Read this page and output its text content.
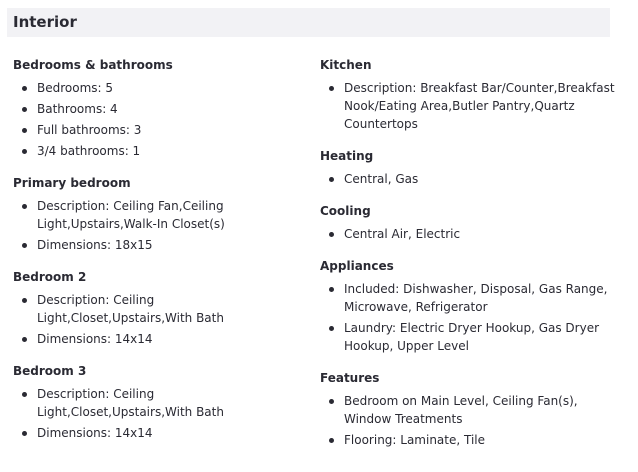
Interior
Bedrooms & bathrooms
Bedrooms: 5
Bathrooms: 4
Full bathrooms: 3
3/4 bathrooms: 1
Primary bedroom
Description: Ceiling Fan,Ceiling Light,Upstairs,Walk-In Closet(s)
Dimensions: 18x15
Bedroom 2
Description: Ceiling Light,Closet,Upstairs,With Bath
Dimensions: 14x14
Bedroom 3
Description: Ceiling Light,Closet,Upstairs,With Bath
Dimensions: 14x14
Kitchen
Description: Breakfast Bar/Counter,Breakfast Nook/Eating Area,Butler Pantry,Quartz Countertops
Heating
Central, Gas
Cooling
Central Air, Electric
Appliances
Included: Dishwasher, Disposal, Gas Range, Microwave, Refrigerator
Laundry: Electric Dryer Hookup, Gas Dryer Hookup, Upper Level
Features
Bedroom on Main Level, Ceiling Fan(s), Window Treatments
Flooring: Laminate, Tile
